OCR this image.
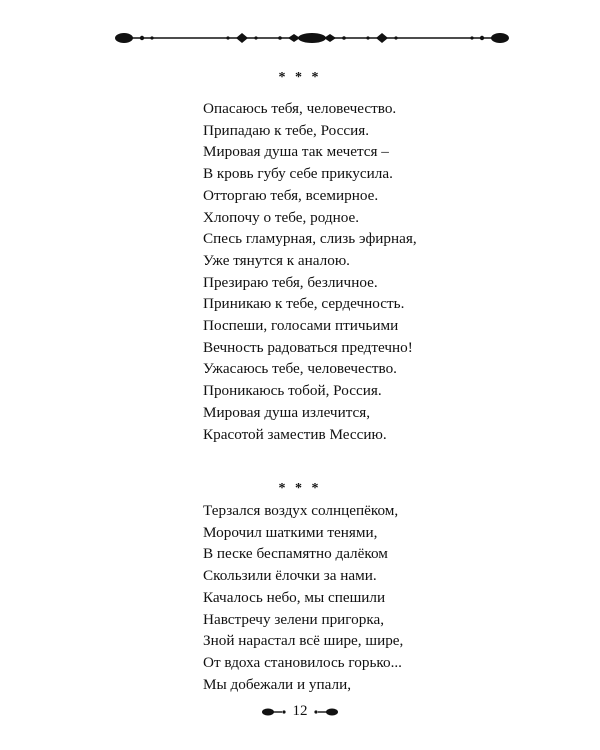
* * *
Опасаюсь тебя, человечество.
Припадаю к тебе, Россия.
Мировая душа так мечется –
В кровь губу себе прикусила.
Отторгаю тебя, всемирное.
Хлопочу о тебе, родное.
Спесь гламурная, слизь эфирная,
Уже тянутся к аналою.
Презираю тебя, безличное.
Приникаю к тебе, сердечность.
Поспеши, голосами птичьими
Вечность радоваться предтечно!
Ужасаюсь тебе, человечество.
Проникаюсь тобой, Россия.
Мировая душа излечится,
Красотой заместив Мессию.
* * *
Терзался воздух солнцепёком,
Морочил шаткими тенями,
В песке беспамятно далёком
Скользили ёлочки за нами.
Качалось небо, мы спешили
Навстречу зелени пригорка,
Зной нарастал всё шире, шире,
От вдоха становилось горько...
Мы добежали и упали,
12
